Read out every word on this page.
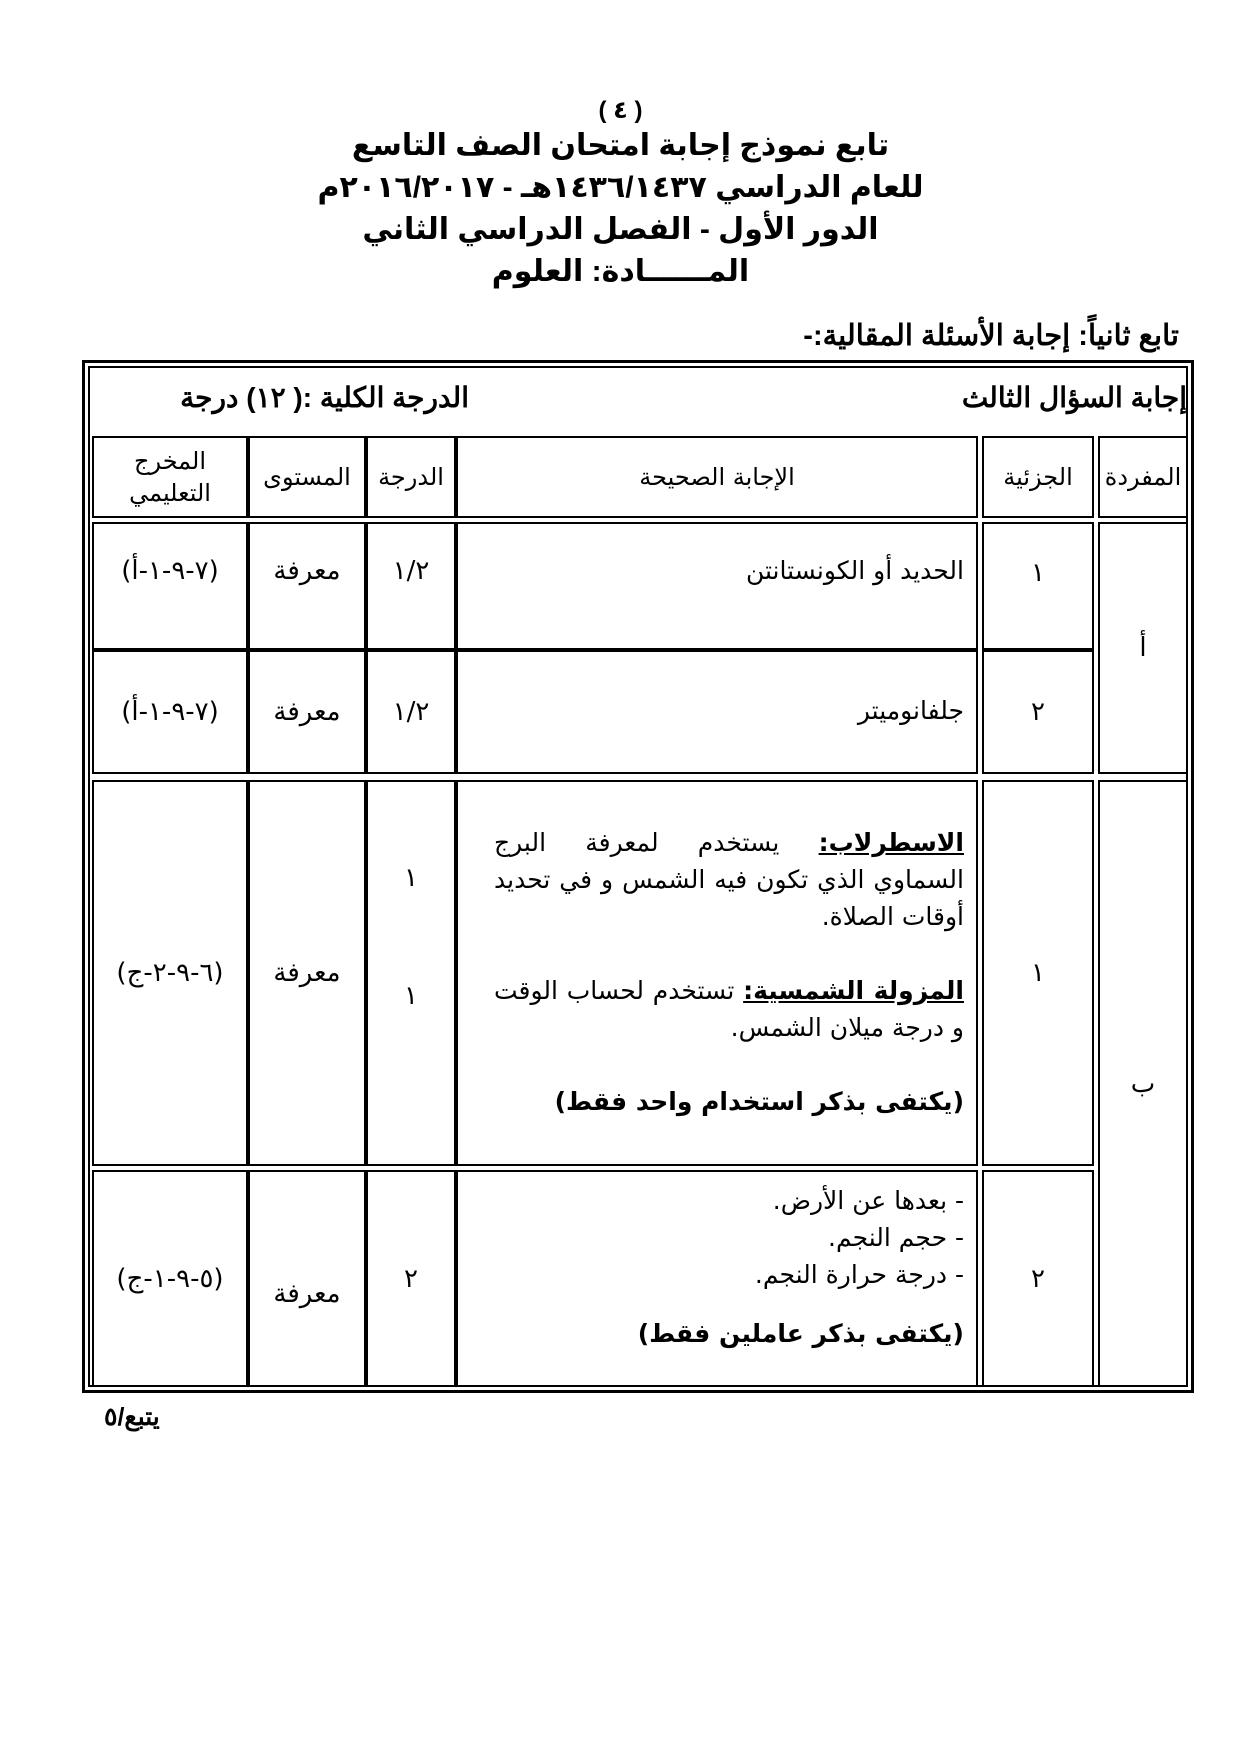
( ٤ )
تابع نموذج إجابة امتحان الصف التاسع
للعام الدراسي ١٤٣٦/١٤٣٧هـ - ٢٠١٦/٢٠١٧م
الدور الأول - الفصل الدراسي الثاني
المــــــادة: العلوم
تابع ثانياً: إجابة الأسئلة المقالية:-
إجابة السؤال الثالث
الدرجة الكلية :( ١٢) درجة
المفردة
الجزئية
الإجابة الصحيحة
الدرجة
المستوى
المخرج التعليمي
أ
١
الحديد أو الكونستانتن
١/٢
معرفة
(٧-٩-١-أ)
٢
جلفانوميتر
١/٢
معرفة
(٧-٩-١-أ)
ب
١
الاسطرلاب: يستخدم لمعرفة البرج السماوي الذي تكون فيه الشمس و في تحديد أوقات الصلاة.
المزولة الشمسية: تستخدم لحساب الوقت و درجة ميلان الشمس.
(يكتفى بذكر استخدام واحد فقط)
١
١
معرفة
(٦-٩-٢-ج)
٢
- بعدها عن الأرض.
- حجم النجم.
- درجة حرارة النجم.
(يكتفى بذكر عاملين فقط)
٢
معرفة
(٥-٩-١-ج)
يتبع/٥
